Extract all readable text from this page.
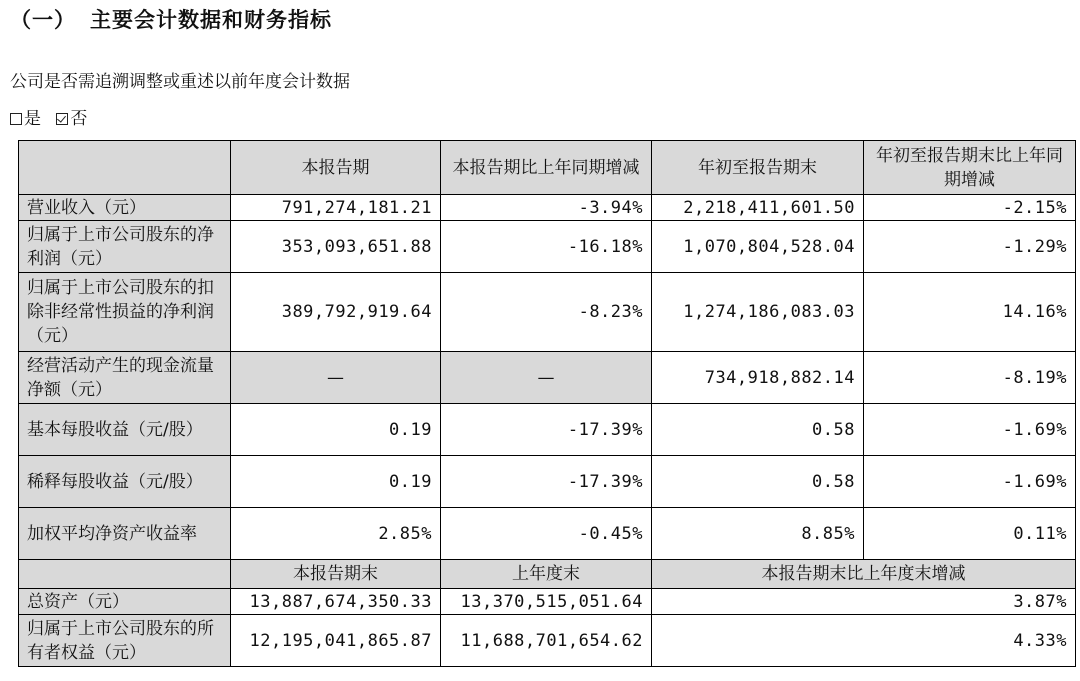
（一） 主要会计数据和财务指标
公司是否需追溯调整或重述以前年度会计数据
是 否
	本报告期	本报告期比上年同期增减	年初至报告期末	年初至报告期末比上年同期增减
营业收入（元）	791,274,181.21	-3.94%	2,218,411,601.50	-2.15%
归属于上市公司股东的净利润（元）	353,093,651.88	-16.18%	1,070,804,528.04	-1.29%
归属于上市公司股东的扣除非经常性损益的净利润（元）	389,792,919.64	-8.23%	1,274,186,083.03	14.16%
经营活动产生的现金流量净额（元）	—	—	734,918,882.14	-8.19%
基本每股收益（元/股）	0.19	-17.39%	0.58	-1.69%
稀释每股收益（元/股）	0.19	-17.39%	0.58	-1.69%
加权平均净资产收益率	2.85%	-0.45%	8.85%	0.11%
	本报告期末	上年度末	本报告期末比上年度末增减	
总资产（元）	13,887,674,350.33	13,370,515,051.64	3.87%	
归属于上市公司股东的所有者权益（元）	12,195,041,865.87	11,688,701,654.62	4.33%	
